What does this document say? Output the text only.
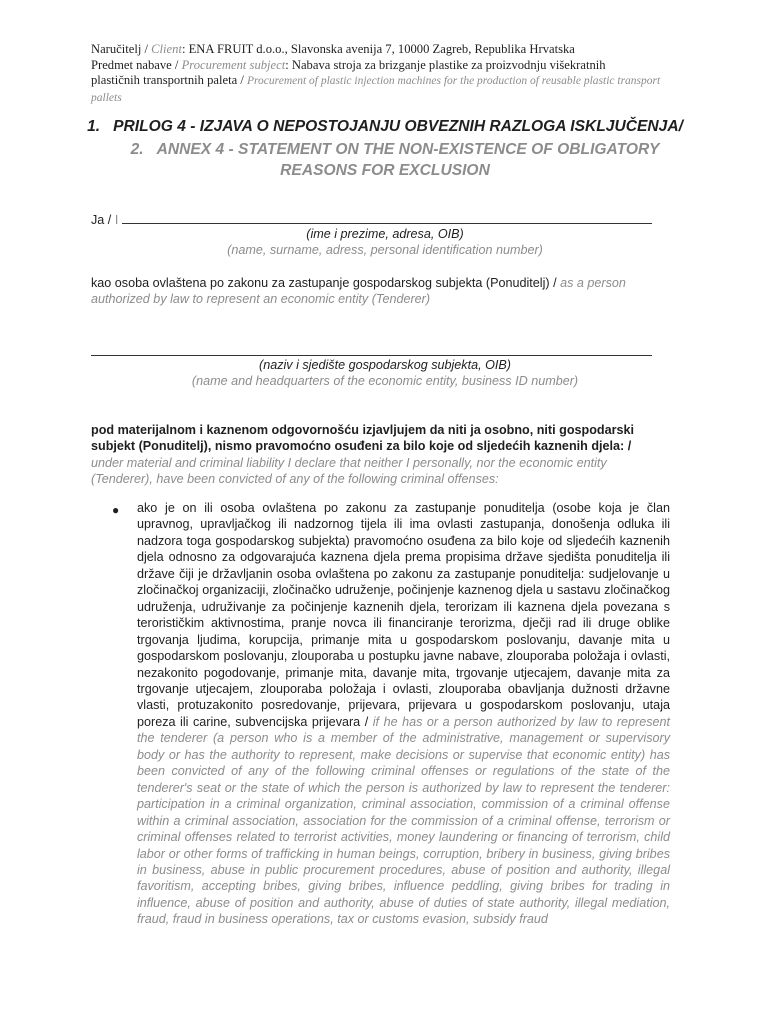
Naručitelj / Client: ENA FRUIT d.o.o., Slavonska avenija 7, 10000 Zagreb, Republika Hrvatska
Predmet nabave / Procurement subject: Nabava stroja za brizganje plastike za proizvodnju višekratnih
plastičnih transportnih paleta / Procurement of plastic injection machines for the production of reusable plastic transport pallets
1. PRILOG 4 - IZJAVA O NEPOSTOJANJU OBVEZNIH RAZLOGA ISKLJUČENJA/
2. ANNEX 4 - STATEMENT ON THE NON-EXISTENCE OF OBLIGATORY
REASONS FOR EXCLUSION
Ja / I
(ime i prezime, adresa, OIB)
(name, surname, adress, personal identification number)
kao osoba ovlaštena po zakonu za zastupanje gospodarskog subjekta (Ponuditelj) / as a person authorized by law to represent an economic entity (Tenderer)
(naziv i sjedište gospodarskog subjekta, OIB)
(name and headquarters of the economic entity, business ID number)
pod materijalnom i kaznenom odgovornošću izjavljujem da niti ja osobno, niti gospodarski subjekt (Ponuditelj), nismo pravomoćno osuđeni za bilo koje od sljedećih kaznenih djela: / under material and criminal liability I declare that neither I personally, nor the economic entity (Tenderer), have been convicted of any of the following criminal offenses:
● ako je on ili osoba ovlaštena po zakonu za zastupanje ponuditelja (osobe koja je član upravnog, upravljačkog ili nadzornog tijela ili ima ovlasti zastupanja, donošenja odluka ili nadzora toga gospodarskog subjekta) pravomoćno osuđena za bilo koje od sljedećih kaznenih djela odnosno za odgovarajuća kaznena djela prema propisima države sjedišta ponuditelja ili države čiji je državljanin osoba ovlaštena po zakonu za zastupanje ponuditelja: sudjelovanje u zločinačkoj organizaciji, zločinačko udruženje, počinjenje kaznenog djela u sastavu zločinačkog udruženja, udruživanje za počinjenje kaznenih djela, terorizam ili kaznena djela povezana s terorističkim aktivnostima, pranje novca ili financiranje terorizma, dječji rad ili druge oblike trgovanja ljudima, korupcija, primanje mita u gospodarskom poslovanju, davanje mita u gospodarskom poslovanju, zlouporaba u postupku javne nabave, zlouporaba položaja i ovlasti, nezakonito pogodovanje, primanje mita, davanje mita, trgovanje utjecajem, davanje mita za trgovanje utjecajem, zlouporaba položaja i ovlasti, zlouporaba obavljanja dužnosti državne vlasti, protuzakonito posredovanje, prijevara, prijevara u gospodarskom poslovanju, utaja poreza ili carine, subvencijska prijevara / if he has or a person authorized by law to represent the tenderer (a person who is a member of the administrative, management or supervisory body or has the authority to represent, make decisions or supervise that economic entity) has been convicted of any of the following criminal offenses or regulations of the state of the tenderer's seat or the state of which the person is authorized by law to represent the tenderer: participation in a criminal organization, criminal association, commission of a criminal offense within a criminal association, association for the commission of a criminal offense, terrorism or criminal offenses related to terrorist activities, money laundering or financing of terrorism, child labor or other forms of trafficking in human beings, corruption, bribery in business, giving bribes in business, abuse in public procurement procedures, abuse of position and authority, illegal favoritism, accepting bribes, giving bribes, influence peddling, giving bribes for trading in influence, abuse of position and authority, abuse of duties of state authority, illegal mediation, fraud, fraud in business operations, tax or customs evasion, subsidy fraud
